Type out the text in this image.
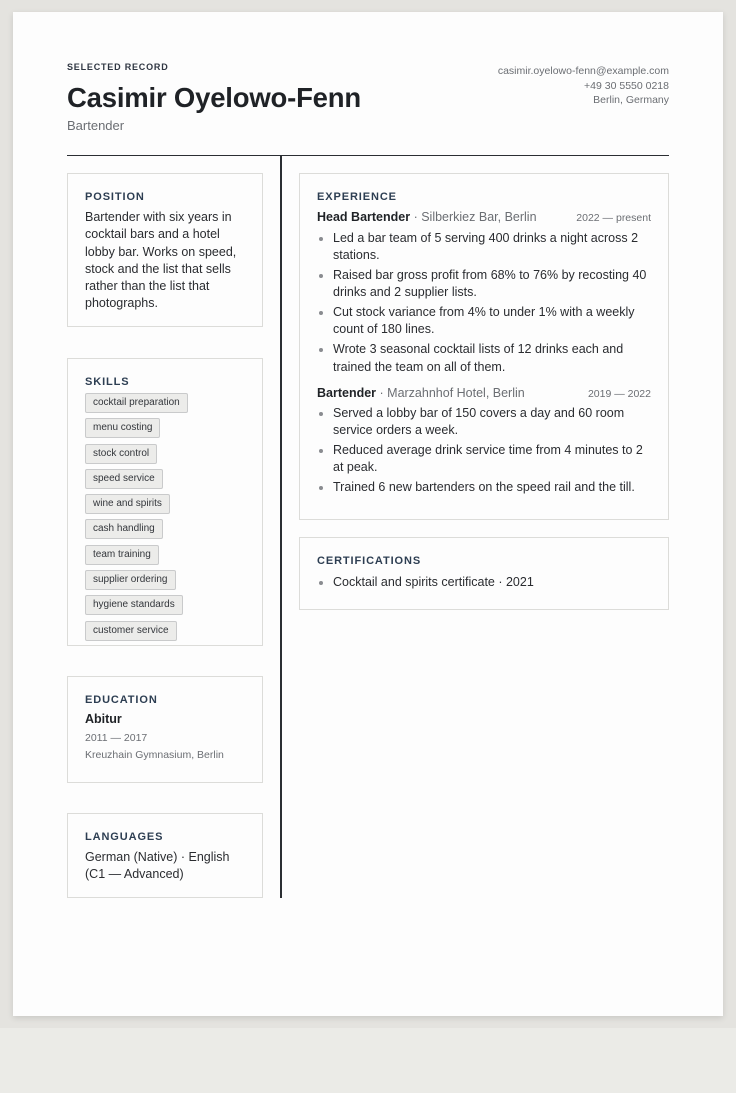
SELECTED RECORD
Casimir Oyelowo-Fenn
Bartender
casimir.oyelowo-fenn@example.com
+49 30 5550 0218
Berlin, Germany
POSITION
Bartender with six years in cocktail bars and a hotel lobby bar. Works on speed, stock and the list that sells rather than the list that photographs.
SKILLS
cocktail preparation
menu costing
stock control
speed service
wine and spirits
cash handling
team training
supplier ordering
hygiene standards
customer service
EDUCATION
Abitur
2011 — 2017
Kreuzhain Gymnasium, Berlin
LANGUAGES
German (Native) · English (C1 — Advanced)
EXPERIENCE
Head Bartender · Silberkiez Bar, Berlin	2022 — present
Led a bar team of 5 serving 400 drinks a night across 2 stations.
Raised bar gross profit from 68% to 76% by recosting 40 drinks and 2 supplier lists.
Cut stock variance from 4% to under 1% with a weekly count of 180 lines.
Wrote 3 seasonal cocktail lists of 12 drinks each and trained the team on all of them.
Bartender · Marzahnhof Hotel, Berlin	2019 — 2022
Served a lobby bar of 150 covers a day and 60 room service orders a week.
Reduced average drink service time from 4 minutes to 2 at peak.
Trained 6 new bartenders on the speed rail and the till.
CERTIFICATIONS
Cocktail and spirits certificate · 2021
